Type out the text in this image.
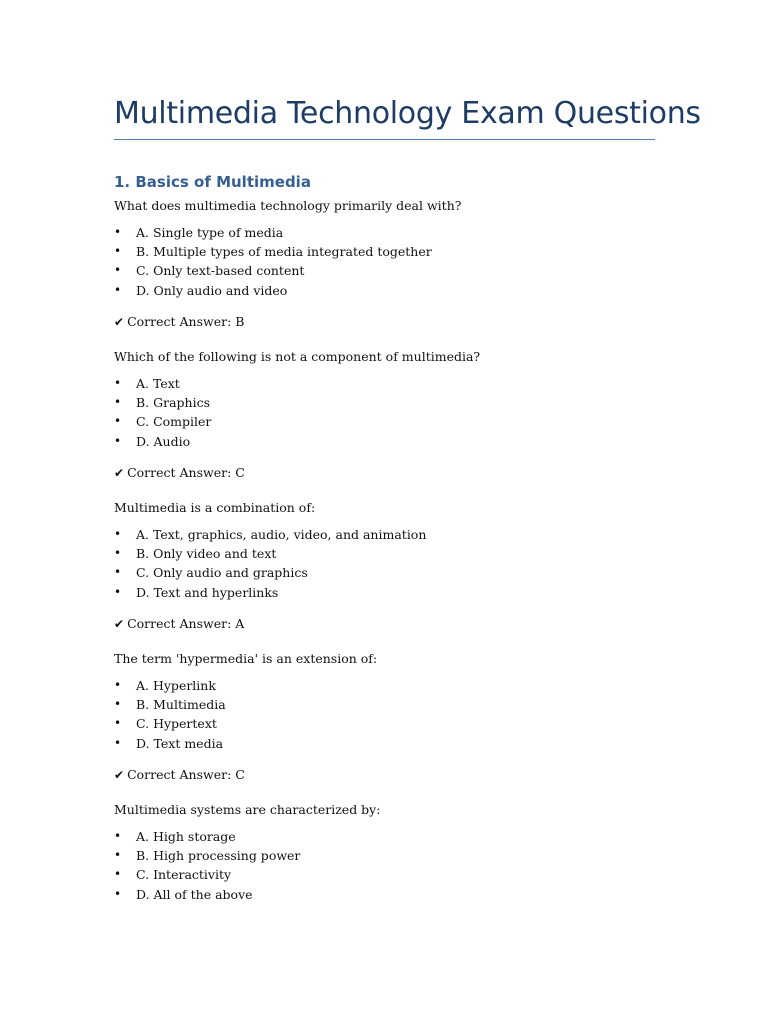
Multimedia Technology Exam Questions
1. Basics of Multimedia

What does multimedia technology primarily deal with?

• A. Single type of media
• B. Multiple types of media integrated together
• C. Only text-based content
• D. Only audio and video

✔ Correct Answer: B

Which of the following is not a component of multimedia?

• A. Text
• B. Graphics
• C. Compiler
• D. Audio

✔ Correct Answer: C

Multimedia is a combination of:

• A. Text, graphics, audio, video, and animation
• B. Only video and text
• C. Only audio and graphics
• D. Text and hyperlinks

✔ Correct Answer: A

The term 'hypermedia' is an extension of:

• A. Hyperlink
• B. Multimedia
• C. Hypertext
• D. Text media

✔ Correct Answer: C

Multimedia systems are characterized by:

• A. High storage
• B. High processing power
• C. Interactivity
• D. All of the above
